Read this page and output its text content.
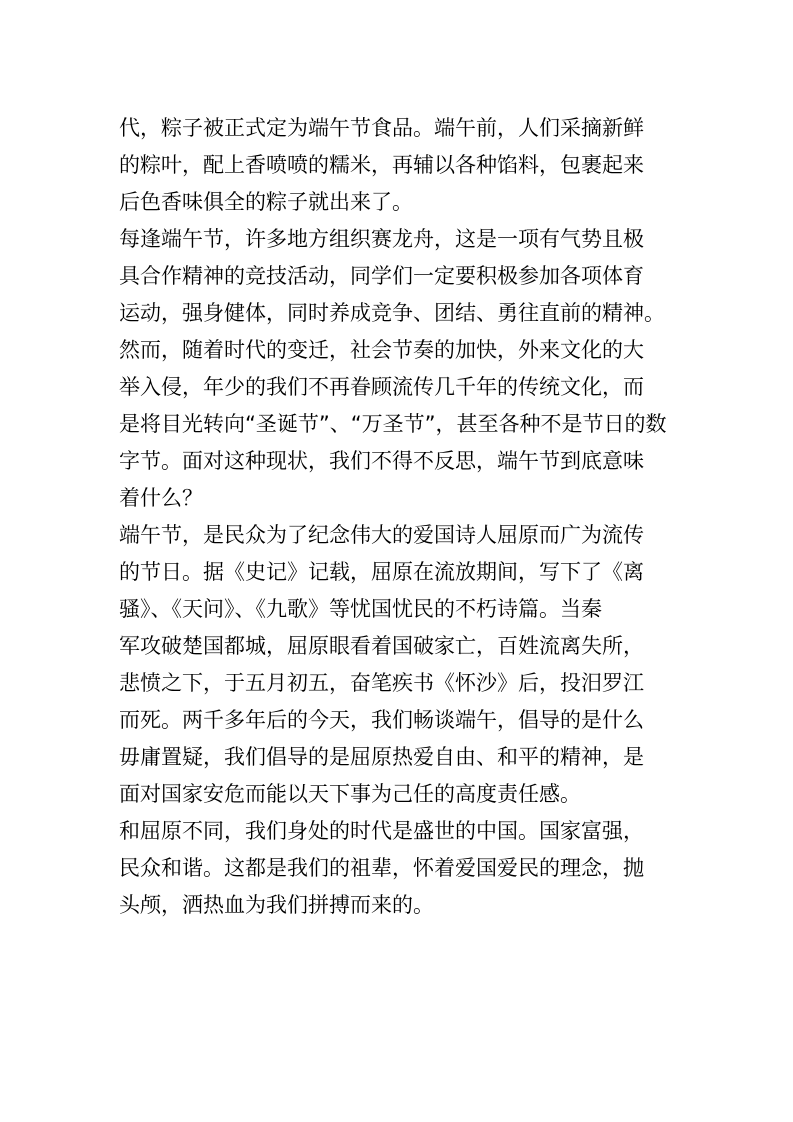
代，粽子被正式定为端午节食品。端午前，人们采摘新鲜
的粽叶，配上香喷喷的糯米，再辅以各种馅料，包裹起来
后色香味俱全的粽子就出来了。

每逢端午节，许多地方组织赛龙舟，这是一项有气势且极
具合作精神的竞技活动，同学们一定要积极参加各项体育
运动，强身健体，同时养成竞争、团结、勇往直前的精神。

然而，随着时代的变迁，社会节奏的加快，外来文化的大
举入侵，年少的我们不再眷顾流传几千年的传统文化，而
是将目光转向“圣诞节”、“万圣节”，甚至各种不是节日的数
字节。面对这种现状，我们不得不反思，端午节到底意味
着什么？

端午节，是民众为了纪念伟大的爱国诗人屈原而广为流传
的节日。据《史记》记载，屈原在流放期间，写下了《离
骚》、《天问》、《九歌》等忧国忧民的不朽诗篇。当秦
军攻破楚国都城，屈原眼看着国破家亡，百姓流离失所，
悲愤之下，于五月初五，奋笔疾书《怀沙》后，投汨罗江
而死。两千多年后的今天，我们畅谈端午，倡导的是什么
毋庸置疑，我们倡导的是屈原热爱自由、和平的精神，是
面对国家安危而能以天下事为己任的高度责任感。

和屈原不同，我们身处的时代是盛世的中国。国家富强，
民众和谐。这都是我们的祖辈，怀着爱国爱民的理念，抛
头颅，洒热血为我们拼搏而来的。
